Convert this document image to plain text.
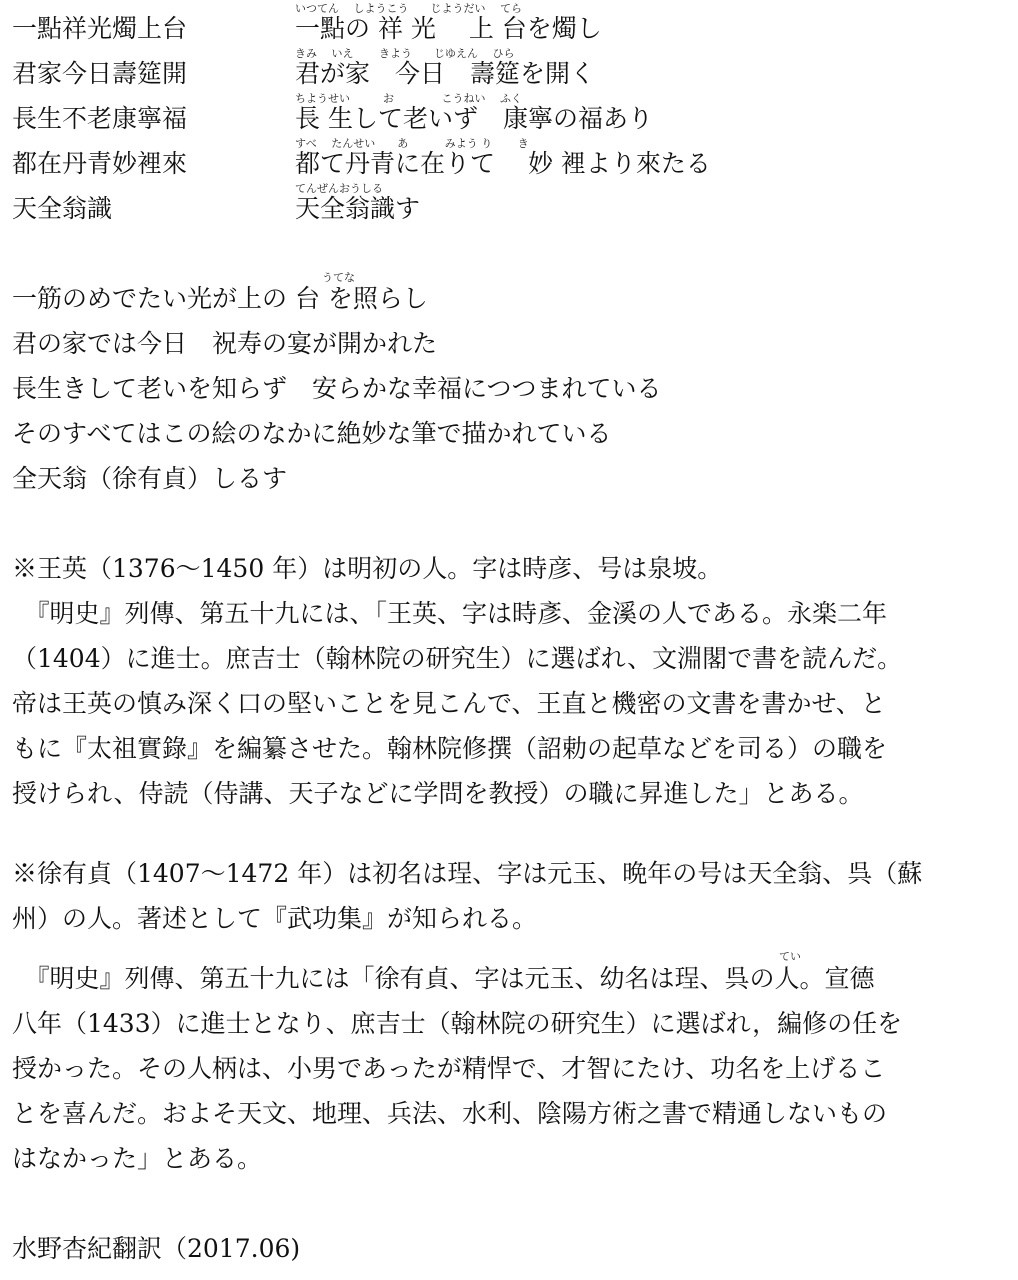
一點祥光燭上台
君家今日壽筵開
長生不老康寧福
都在丹青妙裡來
天全翁識
いつてん　 しようこう　　じようだい　 てら
きみ　 いえ　　 きよう　　じゆえん　 ひら
ちようせい　　　お　　　　 こうねい　 ふく
すべ　 たんせい　　あ　　　 みよう り　　 き
てんぜんおうしる
一點の 祥 光　 上 台を燭し
君が家　今日　壽筵を開く
長 生して老いず　康寧の福あり
都て丹青に在りて　 妙 裡より來たる
天全翁識す
うてな
一筋のめでたい光が上の 台 を照らし
君の家では今日　祝寿の宴が開かれた
長生きして老いを知らず　安らかな幸福につつまれている
そのすべてはこの絵のなかに絶妙な筆で描かれている
全天翁（徐有貞）しるす
※王英（1376～1450 年）は明初の人。字は時彦、号は泉坡。
　『明史』列傳、第五十九には、「王英、字は時彥、金溪の人である。永楽二年
（1404）に進士。庶吉士（翰林院の研究生）に選ばれ、文淵閣で書を読んだ。
帝は王英の慎み深く口の堅いことを見こんで、王直と機密の文書を書かせ、と
もに『太祖實錄』を編纂させた。翰林院修撰（詔勅の起草などを司る）の職を
授けられ、侍読（侍講、天子などに学問を教授）の職に昇進した」とある。
※徐有貞（1407～1472 年）は初名は珵、字は元玉、晩年の号は天全翁、呉（蘇
州）の人。著述として『武功集』が知られる。
てい
　『明史』列傳、第五十九には「徐有貞、字は元玉、幼名は珵、呉の人。宣德
八年（1433）に進士となり、庶吉士（翰林院の研究生）に選ばれ，編修の任を
授かった。その人柄は、小男であったが精悍で、才智にたけ、功名を上げるこ
とを喜んだ。およそ天文、地理、兵法、水利、陰陽方術之書で精通しないもの
はなかった」とある。
水野杏紀翻訳（2017.06)
